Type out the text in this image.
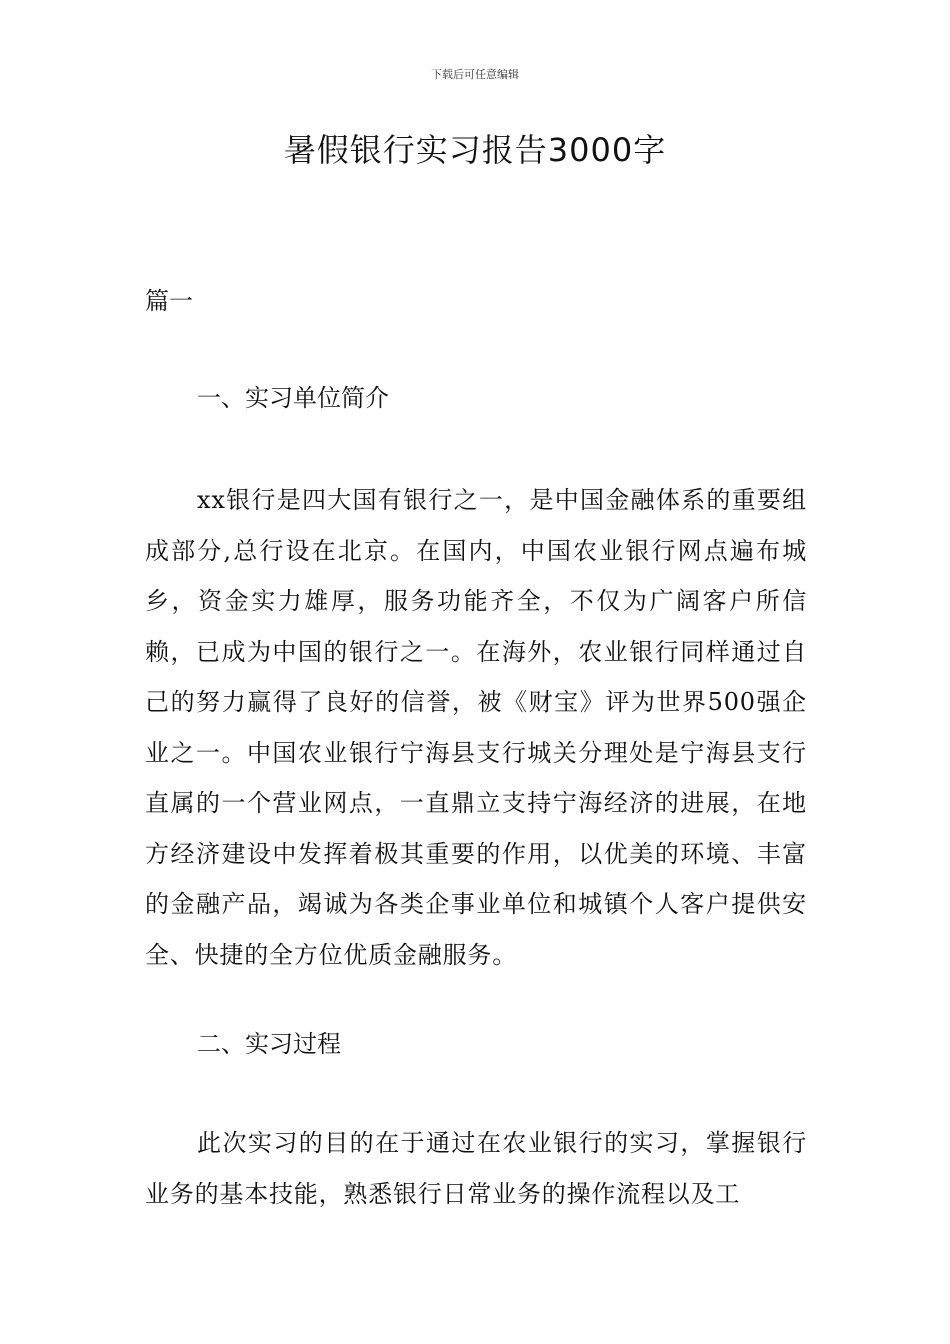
下载后可任意编辑
暑假银行实习报告3000字
篇一
一、实习单位简介

xx银行是四大国有银行之一，是中国金融体系的重要组成部分,总行设在北京。在国内，中国农业银行网点遍布城乡，资金实力雄厚，服务功能齐全，不仅为广阔客户所信赖，已成为中国的银行之一。在海外，农业银行同样通过自己的努力赢得了良好的信誉，被《财宝》评为世界500强企业之一。中国农业银行宁海县支行城关分理处是宁海县支行直属的一个营业网点，一直鼎立支持宁海经济的进展，在地方经济建设中发挥着极其重要的作用，以优美的环境、丰富的金融产品，竭诚为各类企事业单位和城镇个人客户提供安全、快捷的全方位优质金融服务。

二、实习过程

此次实习的目的在于通过在农业银行的实习，掌握银行业务的基本技能，熟悉银行日常业务的操作流程以及工
